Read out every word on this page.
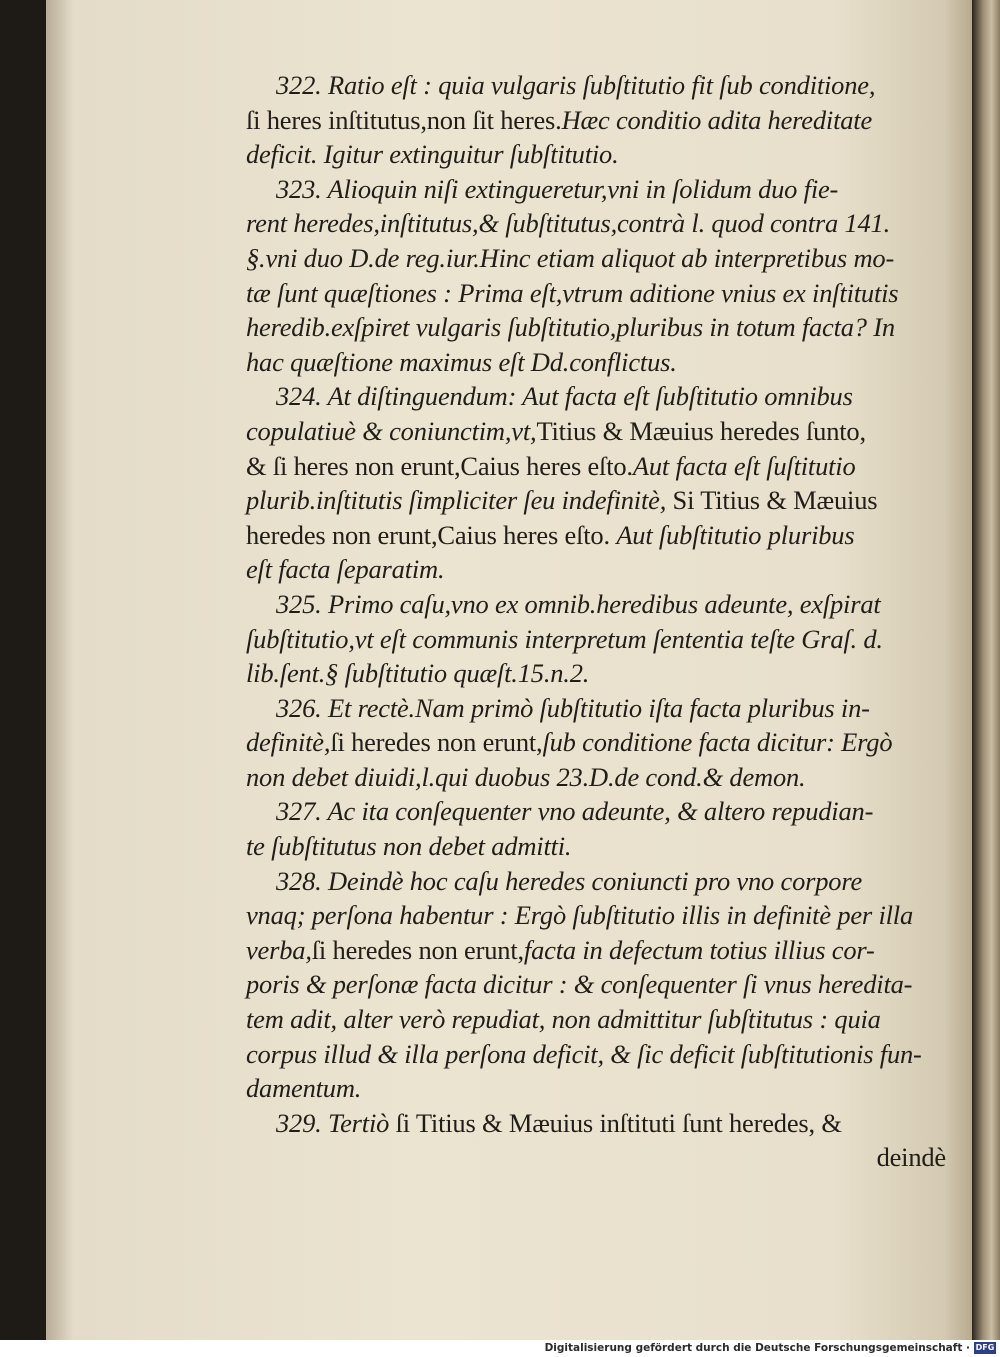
322. Ratio eſt : quia vulgaris ſubſtitutio fit ſub conditione,
ſi heres inſtitutus,non ſit heres.Hæc conditio adita hereditate
deficit. Igitur extinguitur ſubſtitutio.
323. Alioquin niſi extingueretur,vni in ſolidum duo fie-
rent heredes,inſtitutus,& ſubſtitutus,contrà l. quod contra 141.
§.vni duo D.de reg.iur.Hinc etiam aliquot ab interpretibus mo-
tæ ſunt quæſtiones : Prima eſt,vtrum aditione vnius ex inſtitutis
heredib.exſpiret vulgaris ſubſtitutio,pluribus in totum facta? In
hac quæſtione maximus eſt Dd.conflictus.
324. At diſtinguendum: Aut facta eſt ſubſtitutio omnibus
copulatiuè & coniunctim,vt,Titius & Mæuius heredes ſunto,
& ſi heres non erunt,Caius heres eſto.Aut facta eſt ſuſtitutio
plurib.inſtitutis ſimpliciter ſeu indefinitè, Si Titius & Mæuius
heredes non erunt,Caius heres eſto. Aut ſubſtitutio pluribus
eſt facta ſeparatim.
325. Primo caſu,vno ex omnib.heredibus adeunte, exſpirat
ſubſtitutio,vt eſt communis interpretum ſententia teſte Graſ. d.
lib.ſent.§ ſubſtitutio quæſt.15.n.2.
326. Et rectè.Nam primò ſubſtitutio iſta facta pluribus in-
definitè,ſi heredes non erunt,ſub conditione facta dicitur: Ergò
non debet diuidi,l.qui duobus 23.D.de cond.& demon.
327. Ac ita conſequenter vno adeunte, & altero repudian-
te ſubſtitutus non debet admitti.
328. Deindè hoc caſu heredes coniuncti pro vno corpore
vnaq; perſona habentur : Ergò ſubſtitutio illis in definitè per illa
verba,ſi heredes non erunt,facta in defectum totius illius cor-
poris & perſonæ facta dicitur : & conſequenter ſi vnus heredita-
tem adit, alter verò repudiat, non admittitur ſubſtitutus : quia
corpus illud & illa perſona deficit, & ſic deficit ſubſtitutionis fun-
damentum.
329. Tertiò ſi Titius & Mæuius inſtituti ſunt heredes, &
deindè
Digitalisierung gefördert durch die Deutsche Forschungsgemeinschaft · DFG
